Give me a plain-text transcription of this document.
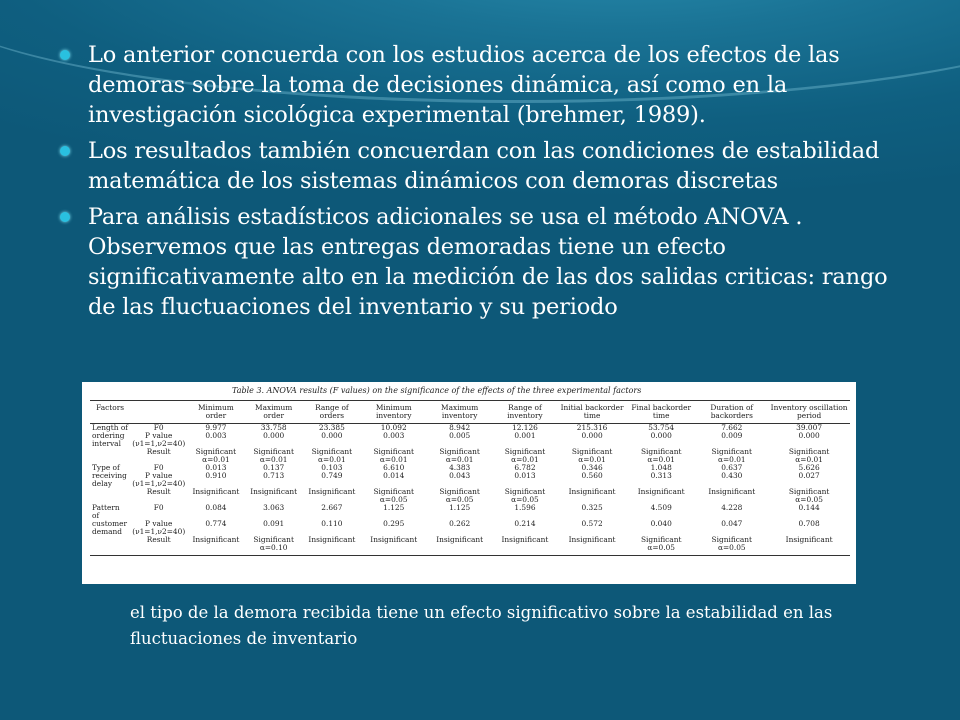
Lo anterior concuerda con los estudios acerca de los efectos de las demoras sobre la toma de decisiones dinámica, así como en la investigación sicológica experimental (brehmer, 1989).
Los resultados también concuerdan con las condiciones de estabilidad matemática de los sistemas dinámicos con demoras discretas
Para análisis estadísticos adicionales se usa el método ANOVA . Observemos que las entregas demoradas tiene un efecto significativamente alto en la medición de las dos salidas criticas: rango de las fluctuaciones del inventario y su periodo
Table 3. ANOVA results (F values) on the significance of the effects of the three experimental factors
Factors		Minimum order	Maximum order	Range of orders	Minimum inventory	Maximum inventory	Range of inventory	Initial backorder time	Final backorder time	Duration of backorders	Inventory oscillation period
Length of	F0	9.977	33.758	23.385	10.092	8.942	12.126	215.316	53.754	7.662	39.007
ordering	P value	0.003	0.000	0.000	0.003	0.005	0.001	0.000	0.000	0.009	0.000
interval	(ν1=1,ν2=40)										
	Result	Significant	Significant	Significant	Significant	Significant	Significant	Significant	Significant	Significant	Significant
		α=0.01	α=0.01	α=0.01	α=0.01	α=0.01	α=0.01	α=0.01	α=0.01	α=0.01	α=0.01
Type of	F0	0.013	0.137	0.103	6.610	4.383	6.782	0.346	1.048	0.637	5.626
receiving	P value	0.910	0.713	0.749	0.014	0.043	0.013	0.560	0.313	0.430	0.027
delay	(ν1=1,ν2=40)										
	Result	Insignificant	Insignificant	Insignificant	Significant	Significant	Significant	Insignificant	Insignificant	Insignificant	Significant
					α=0.05	α=0.05	α=0.05				α=0.05
Pattern of	F0	0.084	3.063	2.667	1.125	1.125	1.596	0.325	4.509	4.228	0.144
customer	P value	0.774	0.091	0.110	0.295	0.262	0.214	0.572	0.040	0.047	0.708
demand	(ν1=1,ν2=40)										
	Result	Insignificant	Significant	Insignificant	Insignificant	Insignificant	Insignificant	Insignificant	Significant	Significant	Insignificant
			α=0.10						α=0.05	α=0.05	
el tipo de la demora recibida tiene un efecto significativo sobre la estabilidad en las fluctuaciones de inventario
